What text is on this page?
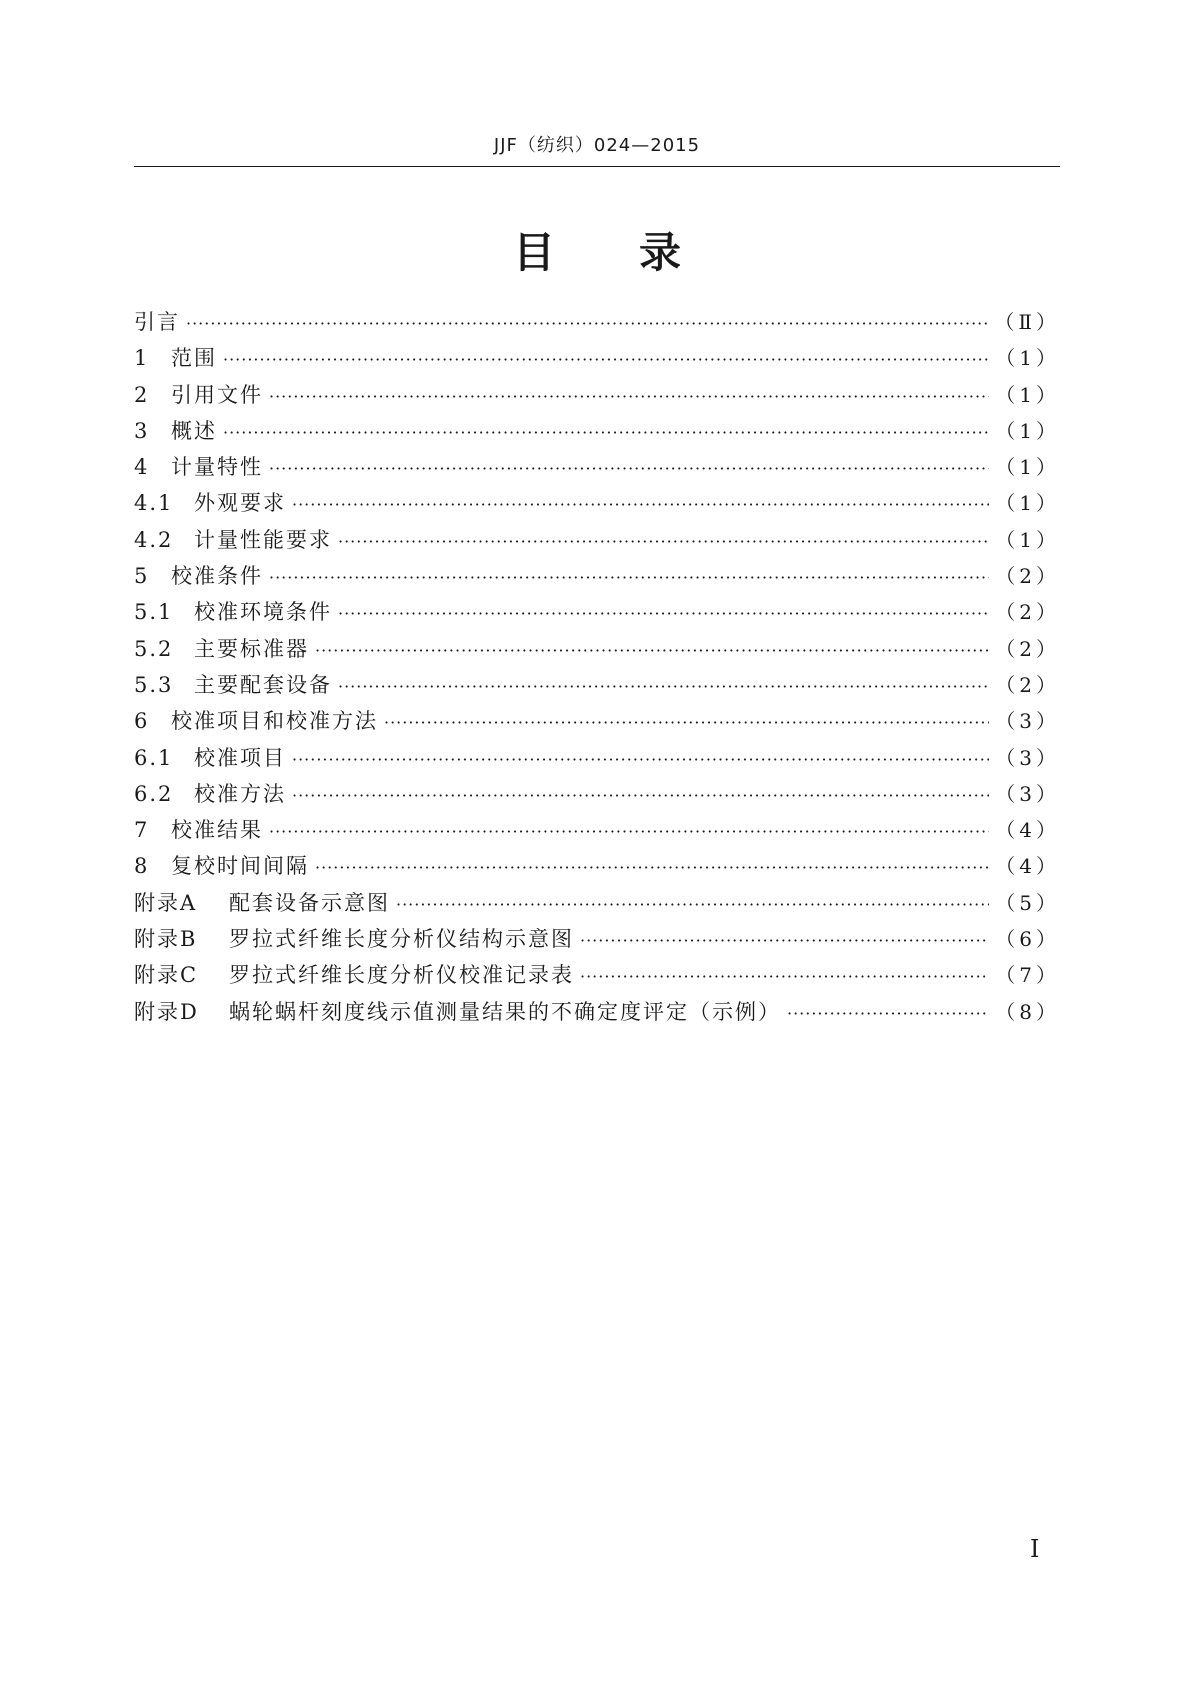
JJF（纺织）024—2015
目录
引言 ·····	（Ⅱ）
1	范围 ·····	（1）
2	引用文件 ·····	（1）
3	概述 ·····	（1）
4	计量特性 ·····	（1）
4.1 外观要求 ·····	（1）
4.2 计量性能要求 ·····	（1）
5	校准条件 ·····	（2）
5.1 校准环境条件 ·····	（2）
5.2 主要标准器 ·····	（2）
5.3 主要配套设备 ·····	（2）
6	校准项目和校准方法 ·····	（3）
6.1 校准项目 ·····	（3）
6.2 校准方法 ·····	（3）
7	校准结果 ·····	（4）
8	复校时间间隔 ·····	（4）
附录A	配套设备示意图 ·····	（5）
附录B	罗拉式纤维长度分析仪结构示意图 ·····	（6）
附录C	罗拉式纤维长度分析仪校准记录表 ·····	（7）
附录D	蜗轮蜗杆刻度线示值测量结果的不确定度评定（示例） ·····	（8）
Ⅰ
